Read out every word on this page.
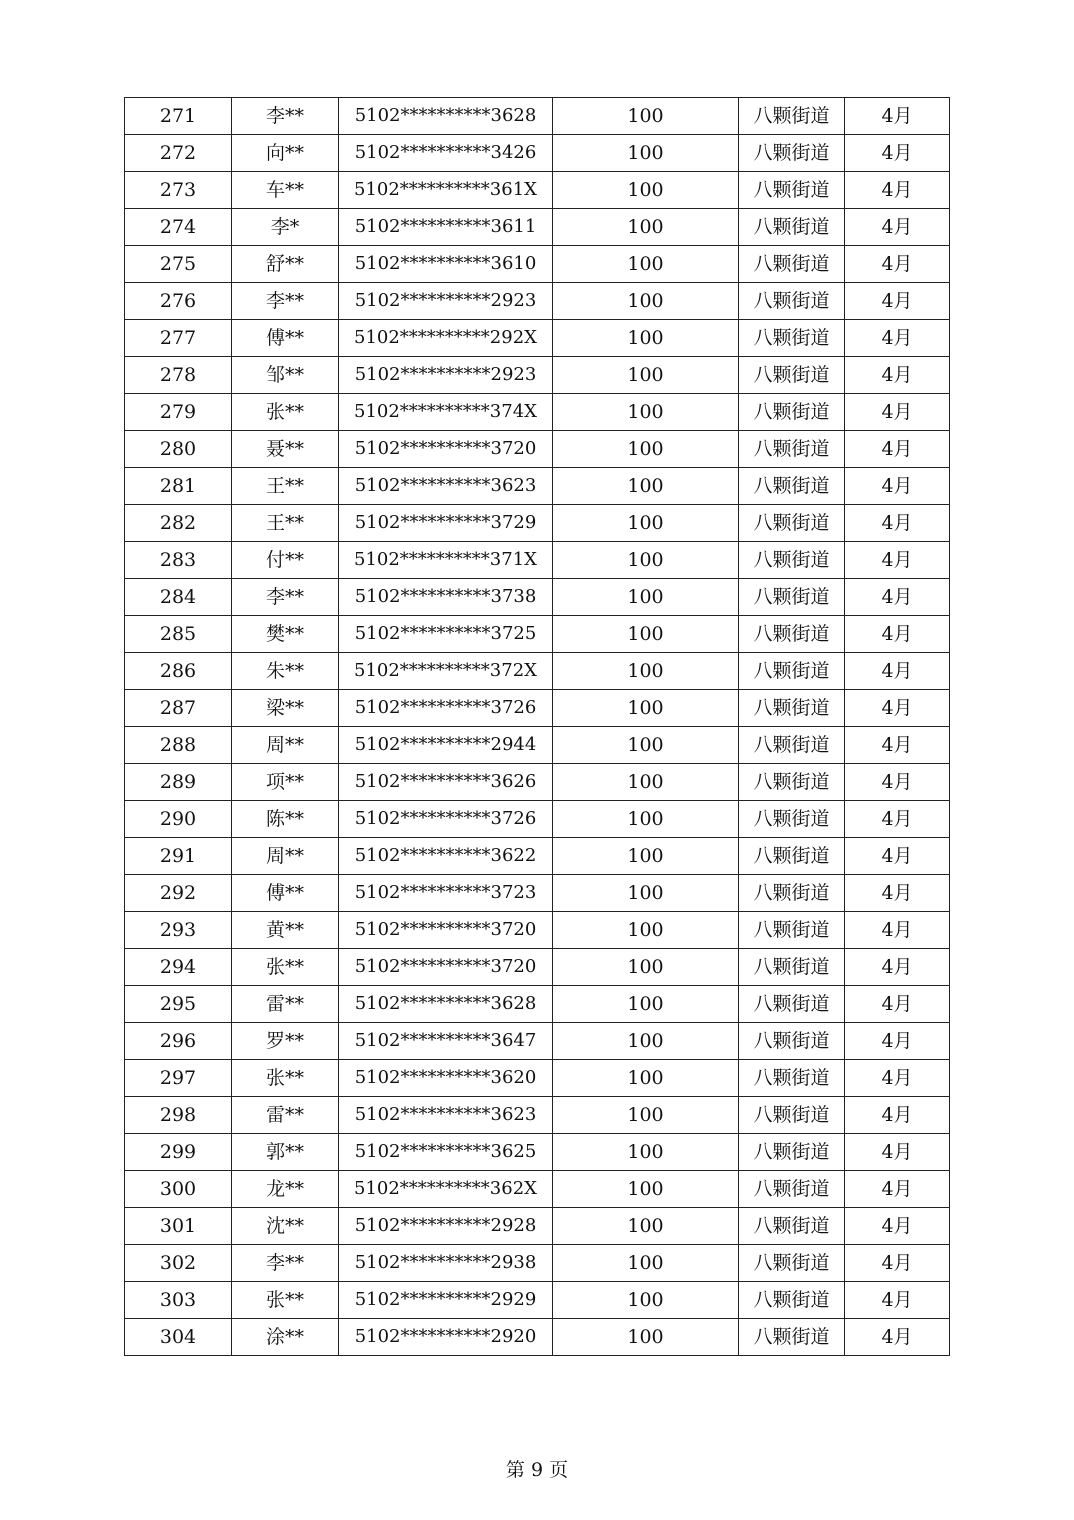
271	李**	5102**********3628	100	八颗街道	4月
272	向**	5102**********3426	100	八颗街道	4月
273	车**	5102**********361X	100	八颗街道	4月
274	李*	5102**********3611	100	八颗街道	4月
275	舒**	5102**********3610	100	八颗街道	4月
276	李**	5102**********2923	100	八颗街道	4月
277	傅**	5102**********292X	100	八颗街道	4月
278	邹**	5102**********2923	100	八颗街道	4月
279	张**	5102**********374X	100	八颗街道	4月
280	聂**	5102**********3720	100	八颗街道	4月
281	王**	5102**********3623	100	八颗街道	4月
282	王**	5102**********3729	100	八颗街道	4月
283	付**	5102**********371X	100	八颗街道	4月
284	李**	5102**********3738	100	八颗街道	4月
285	樊**	5102**********3725	100	八颗街道	4月
286	朱**	5102**********372X	100	八颗街道	4月
287	梁**	5102**********3726	100	八颗街道	4月
288	周**	5102**********2944	100	八颗街道	4月
289	项**	5102**********3626	100	八颗街道	4月
290	陈**	5102**********3726	100	八颗街道	4月
291	周**	5102**********3622	100	八颗街道	4月
292	傅**	5102**********3723	100	八颗街道	4月
293	黄**	5102**********3720	100	八颗街道	4月
294	张**	5102**********3720	100	八颗街道	4月
295	雷**	5102**********3628	100	八颗街道	4月
296	罗**	5102**********3647	100	八颗街道	4月
297	张**	5102**********3620	100	八颗街道	4月
298	雷**	5102**********3623	100	八颗街道	4月
299	郭**	5102**********3625	100	八颗街道	4月
300	龙**	5102**********362X	100	八颗街道	4月
301	沈**	5102**********2928	100	八颗街道	4月
302	李**	5102**********2938	100	八颗街道	4月
303	张**	5102**********2929	100	八颗街道	4月
304	涂**	5102**********2920	100	八颗街道	4月
第 9 页
